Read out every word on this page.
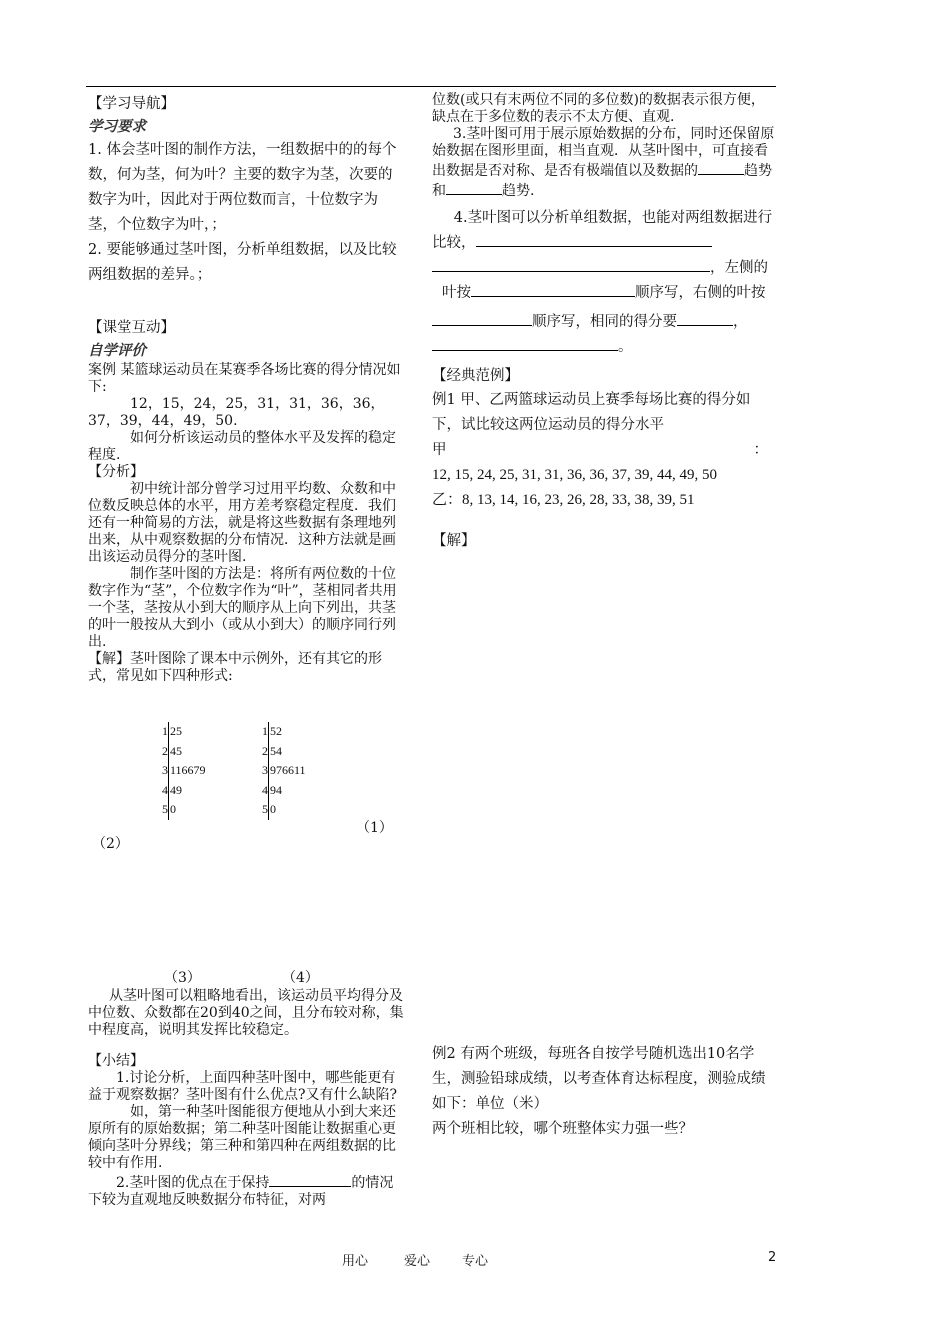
【学习导航】

学习要求

1. 体会茎叶图的制作方法，一组数据中的的每个数，何为茎，何为叶？主要的数字为茎，次要的数字为叶，因此对于两位数而言，十位数字为茎，个位数字为叶，；

2. 要能够通过茎叶图，分析单组数据，以及比较两组数据的差异。；

【课堂互动】

自学评价

案例 某篮球运动员在某赛季各场比赛的得分情况如下:

12，15，24，25，31，31，36，36，37，39，44，49，50.

如何分析该运动员的整体水平及发挥的稳定程度.

【分析】

初中统计部分曾学习过用平均数、众数和中位数反映总体的水平，用方差考察稳定程度．我们还有一种简易的方法，就是将这些数据有条理地列出来，从中观察数据的分布情况．这种方法就是画出该运动员得分的茎叶图.

制作茎叶图的方法是：将所有两位数的十位数字作为“茎”，个位数字作为“叶”，茎相同者共用一个茎，茎按从小到大的顺序从上向下列出，共茎的叶一般按从大到小（或从小到大）的顺序同行列出.

【解】茎叶图除了课本中示例外，还有其它的形式，常见如下四种形式:

1 25
2 45
3 116679
4 49
5 0
1 52
2 54
3 976611
4 94
5 0
（1）
（2）
（3）	（4）

从茎叶图可以粗略地看出，该运动员平均得分及中位数、众数都在20到40之间，且分布较对称，集中程度高，说明其发挥比较稳定。

【小结】

1.讨论分析，上面四种茎叶图中，哪些能更有益于观察数据？茎叶图有什么优点?又有什么缺陷?

如，第一种茎叶图能很方便地从小到大来还原所有的原始数据；第二种茎叶图能让数据重心更倾向茎叶分界线；第三种和第四种在两组数据的比较中有作用.

2.茎叶图的优点在于保持	的情况下较为直观地反映数据分布特征，对两

位数(或只有末两位不同的多位数)的数据表示很方便，缺点在于多位数的表示不太方便、直观.

3.茎叶图可用于展示原始数据的分布，同时还保留原始数据在图形里面，相当直观．从茎叶图中，可直接看出数据是否对称、是否有极端值以及数据的	趋势和	趋势.

4.茎叶图可以分析单组数据，也能对两组数据进行比较，

，左侧的

叶按	顺序写，右侧的叶按

顺序写，相同的得分要	，

。

【经典范例】

例1 甲、乙两篮球运动员上赛季每场比赛的得分如下，试比较这两位运动员的得分水平

甲	：

12, 15, 24, 25, 31, 31, 36, 36, 37, 39, 44, 49, 50

乙：8, 13, 14, 16, 23, 26, 28, 33, 38, 39, 51

【解】

例2 有两个班级，每班各自按学号随机选出10名学生，测验铅球成绩，以考查体育达标程度，测验成绩如下：单位（米）

两个班相比较，哪个班整体实力强一些？

用心	爱心 专心	2
